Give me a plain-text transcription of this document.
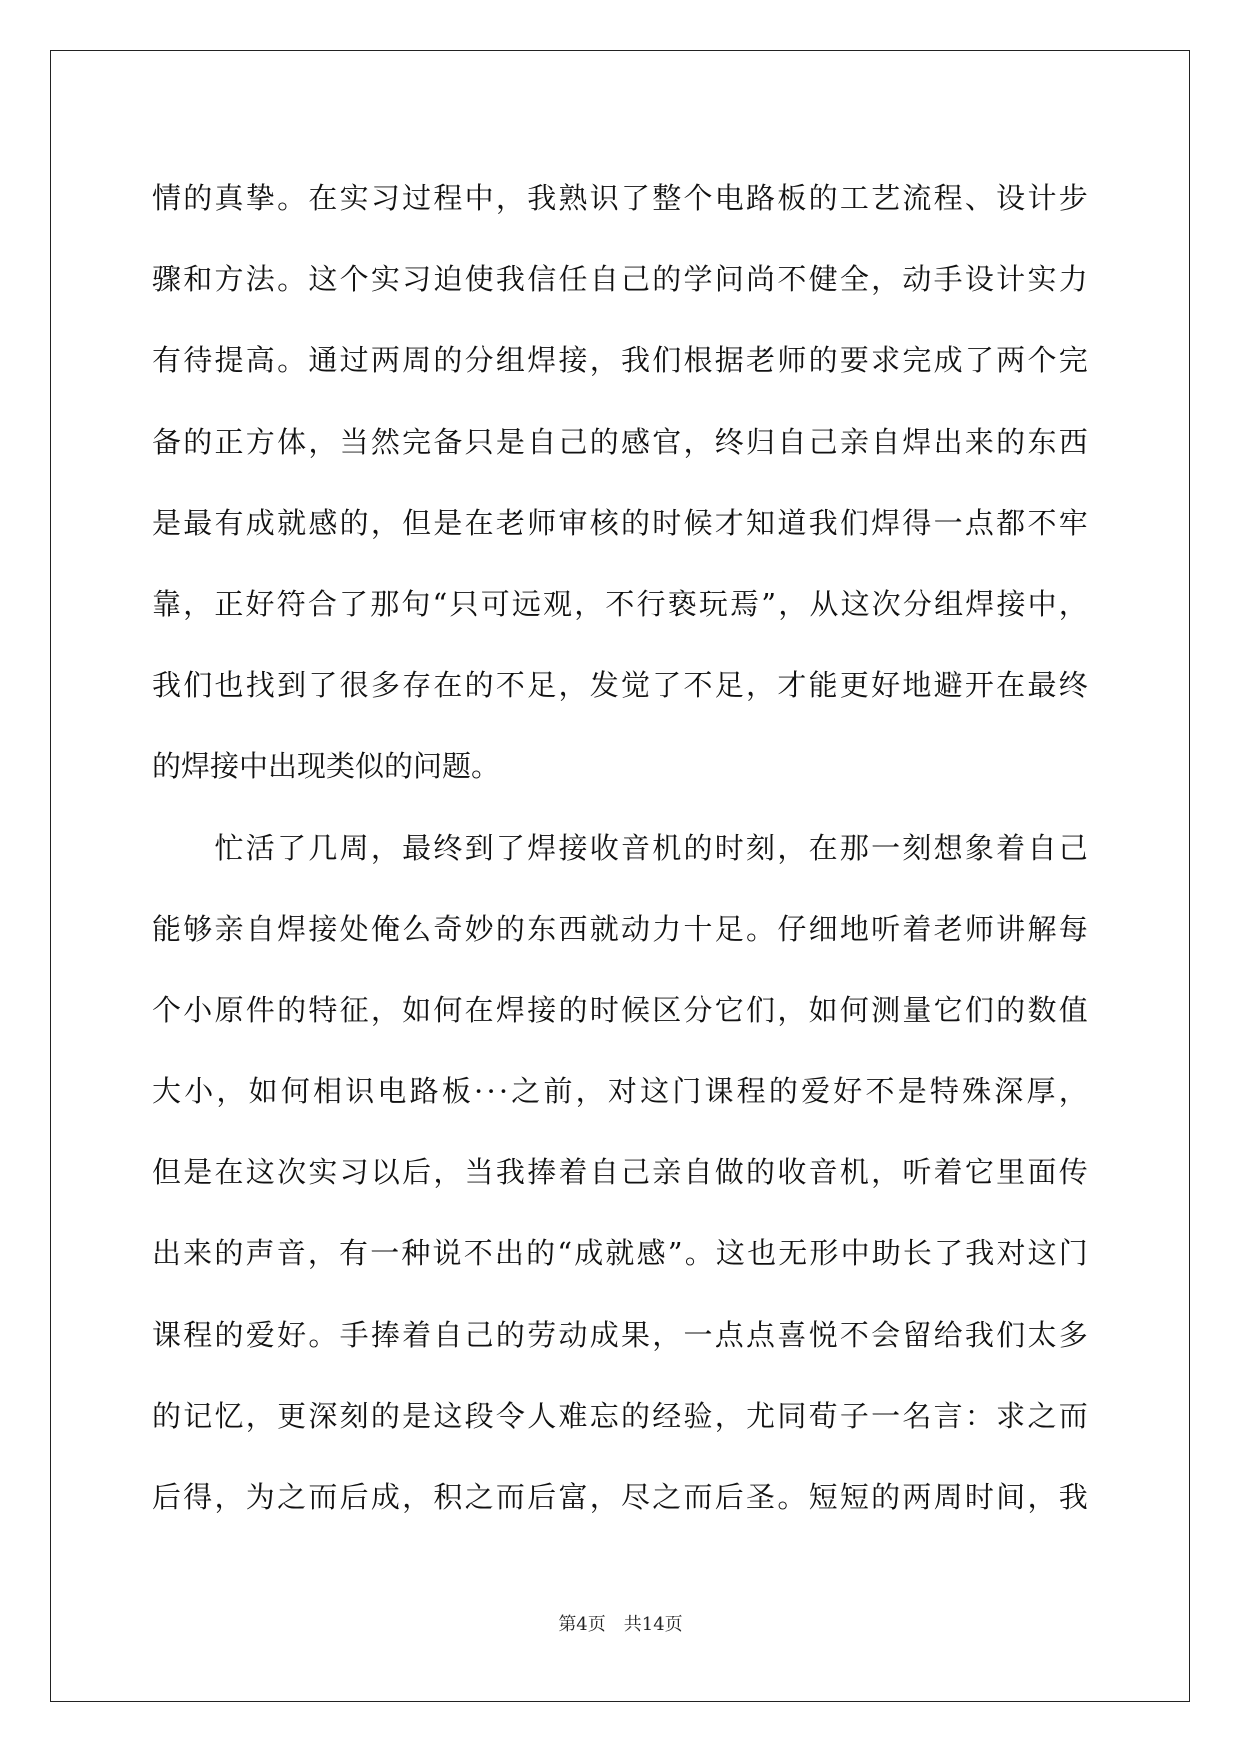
情 的 真 挚 。 在 实 习 过 程 中 ， 我 熟 识 了 整 个 电 路 板 的 工 艺 流 程 、 设 计 步
骤 和 方 法 。 这 个 实 习 迫 使 我 信 任 自 己 的 学 问 尚 不 健 全 ， 动 手 设 计 实 力
有 待 提 高 。 通 过 两 周 的 分 组 焊 接 ， 我 们 根 据 老 师 的 要 求 完 成 了 两 个 完
备 的 正 方 体 ， 当 然 完 备 只 是 自 己 的 感 官 ， 终 归 自 己 亲 自 焊 出 来 的 东 西
是 最 有 成 就 感 的 ， 但 是 在 老 师 审 核 的 时 候 才 知 道 我 们 焊 得 一 点 都 不 牢
靠 ， 正 好 符 合 了 那 句 “ 只 可 远 观 ， 不 行 亵 玩 焉 ” ， 从 这 次 分 组 焊 接 中 ，
我 们 也 找 到 了 很 多 存 在 的 不 足 ， 发 觉 了 不 足 ， 才 能 更 好 地 避 开 在 最 终
的焊接中出现类似的问题。

忙 活 了 几 周 ， 最 终 到 了 焊 接 收 音 机 的 时 刻 ， 在 那 一 刻 想 象 着 自 己
能 够 亲 自 焊 接 处 俺 么 奇 妙 的 东 西 就 动 力 十 足 。 仔 细 地 听 着 老 师 讲 解 每
个 小 原 件 的 特 征 ， 如 何 在 焊 接 的 时 候 区 分 它 们 ， 如 何 测 量 它 们 的 数 值
大 小 ， 如 何 相 识 电 路 板 · · · 之 前 ， 对 这 门 课 程 的 爱 好 不 是 特 殊 深 厚 ，
但 是 在 这 次 实 习 以 后 ， 当 我 捧 着 自 己 亲 自 做 的 收 音 机 ， 听 着 它 里 面 传
出 来 的 声 音 ， 有 一 种 说 不 出 的 “ 成 就 感 ” 。 这 也 无 形 中 助 长 了 我 对 这 门
课 程 的 爱 好 。 手 捧 着 自 己 的 劳 动 成 果 ， 一 点 点 喜 悦 不 会 留 给 我 们 太 多
的 记 忆 ， 更 深 刻 的 是 这 段 令 人 难 忘 的 经 验 ， 尤 同 荀 子 一 名 言 ： 求 之 而
后 得 ， 为 之 而 后 成 ， 积 之 而 后 富 ， 尽 之 而 后 圣 。 短 短 的 两 周 时 间 ， 我
第4页 共14页
